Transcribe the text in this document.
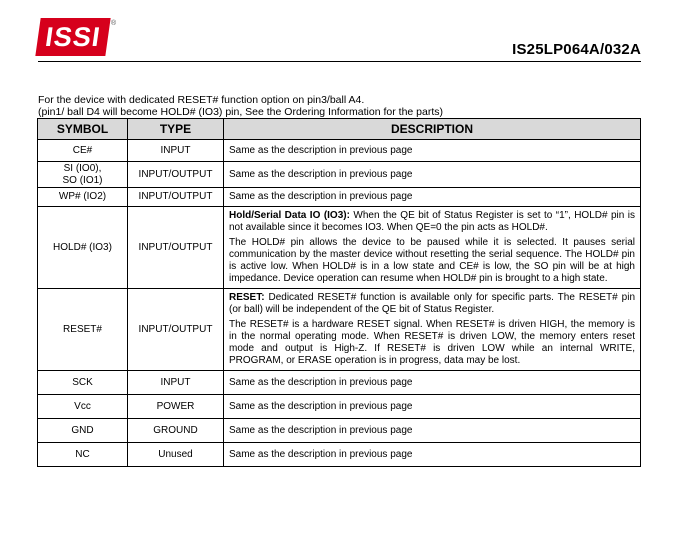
ISSI ®
IS25LP064A/032A
For the device with dedicated RESET# function option on pin3/ball A4.
(pin1/ ball D4 will become HOLD# (IO3) pin, See the Ordering Information for the parts)
SYMBOL	TYPE	DESCRIPTION
CE#	INPUT	Same as the description in previous page
SI (IO0),
SO (IO1)	INPUT/OUTPUT	Same as the description in previous page
WP# (IO2)	INPUT/OUTPUT	Same as the description in previous page
HOLD# (IO3)	INPUT/OUTPUT	Hold/Serial Data IO (IO3): When the QE bit of Status Register is set to “1”, HOLD# pin is not available since it becomes IO3. When QE=0 the pin acts as HOLD#.

The HOLD# pin allows the device to be paused while it is selected. It pauses serial communication by the master device without resetting the serial sequence. The HOLD# pin is active low. When HOLD# is in a low state and CE# is low, the SO pin will be at high impedance. Device operation can resume when HOLD# pin is brought to a high state.

RESET#	INPUT/OUTPUT	RESET: Dedicated RESET# function is available only for specific parts. The RESET# pin (or ball) will be independent of the QE bit of Status Register.

The RESET# is a hardware RESET signal. When RESET# is driven HIGH, the memory is in the normal operating mode. When RESET# is driven LOW, the memory enters reset mode and output is High-Z. If RESET# is driven LOW while an internal WRITE, PROGRAM, or ERASE operation is in progress, data may be lost.

SCK	INPUT	Same as the description in previous page
Vcc	POWER	Same as the description in previous page
GND	GROUND	Same as the description in previous page
NC	Unused	Same as the description in previous page
